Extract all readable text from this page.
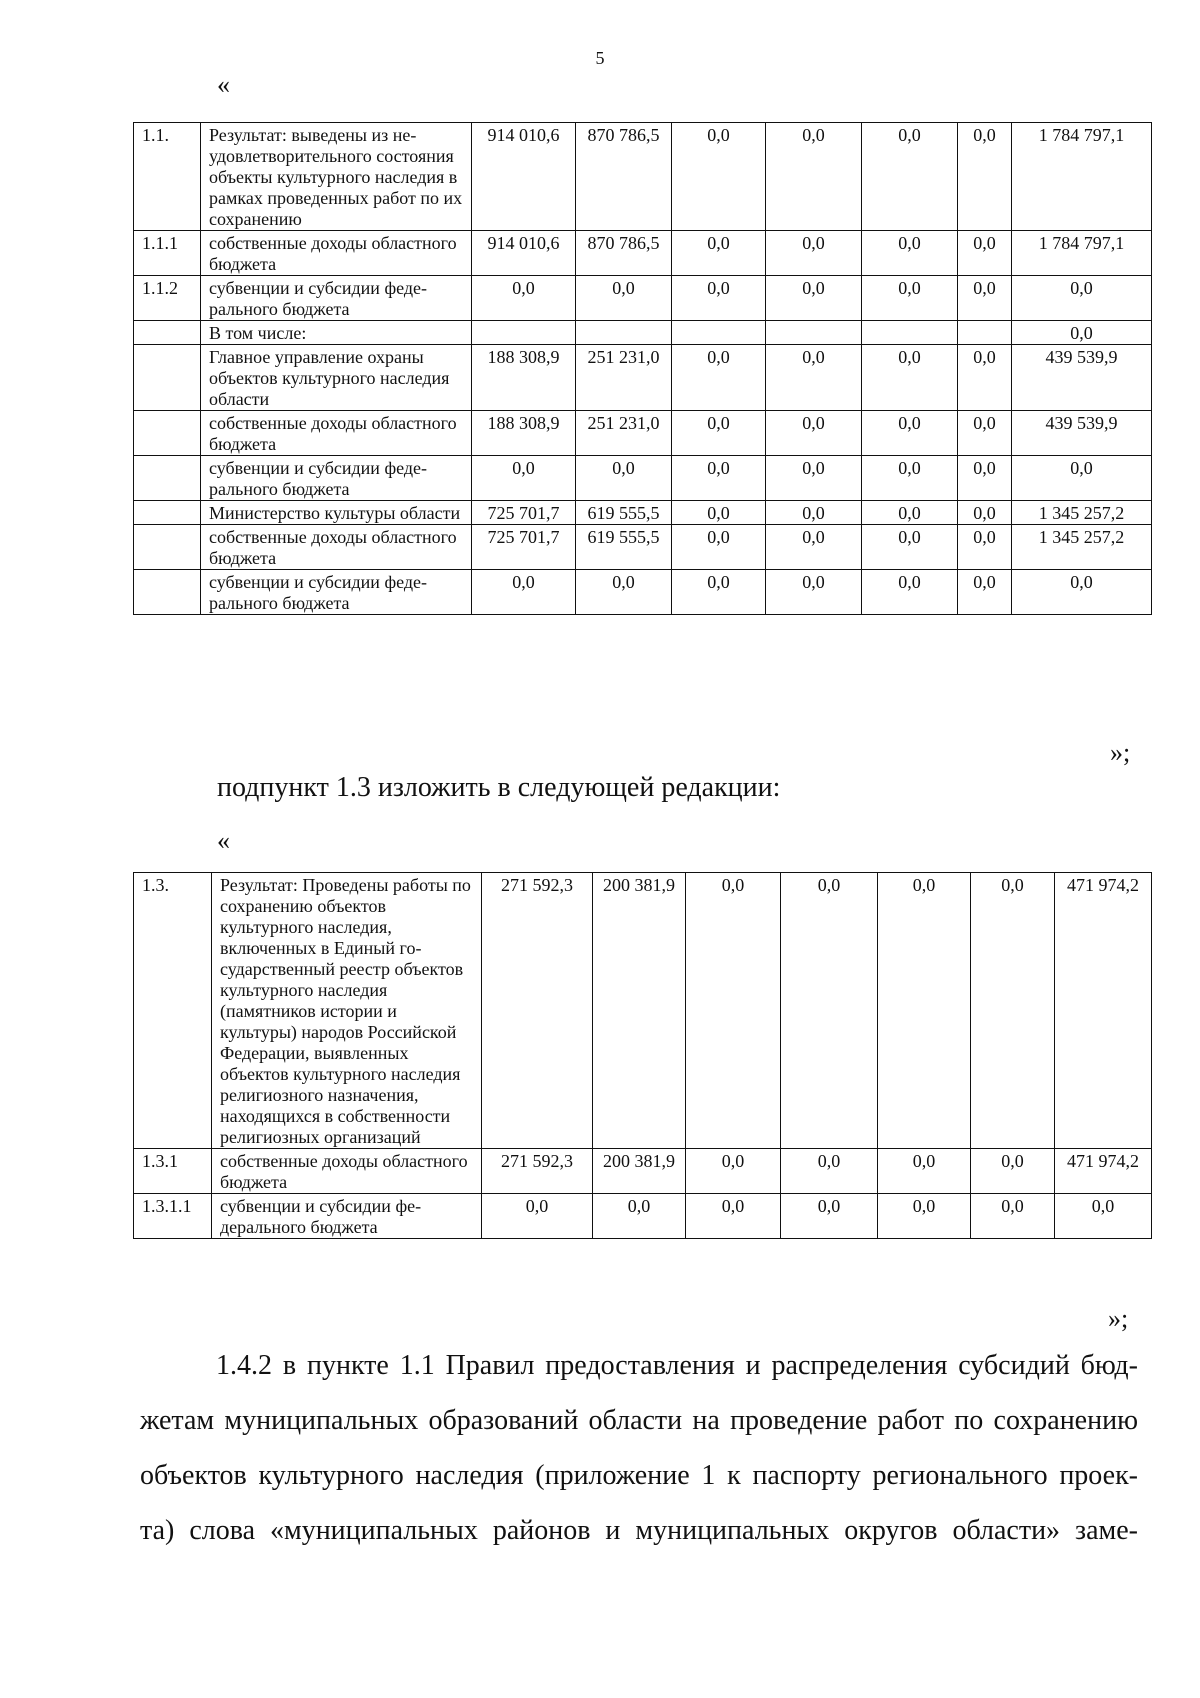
5
«
1.1.	Результат: выведены из неудовлетворительного состояния объекты культурного наследия в рамках проведенных работ по их сохранению	914 010,6	870 786,5	0,0	0,0	0,0	0,0	1 784 797,1
1.1.1	собственные доходы областного бюджета	914 010,6	870 786,5	0,0	0,0	0,0	0,0	1 784 797,1
1.1.2	субвенции и субсидии федерального бюджета	0,0	0,0	0,0	0,0	0,0	0,0	0,0
	В том числе:							0,0
	Главное управление охраны объектов культурного наследия области	188 308,9	251 231,0	0,0	0,0	0,0	0,0	439 539,9
	собственные доходы областного бюджета	188 308,9	251 231,0	0,0	0,0	0,0	0,0	439 539,9
	субвенции и субсидии федерального бюджета	0,0	0,0	0,0	0,0	0,0	0,0	0,0
	Министерство культуры области	725 701,7	619 555,5	0,0	0,0	0,0	0,0	1 345 257,2
	собственные доходы областного бюджета	725 701,7	619 555,5	0,0	0,0	0,0	0,0	1 345 257,2
	субвенции и субсидии федерального бюджета	0,0	0,0	0,0	0,0	0,0	0,0	0,0
»;
подпункт 1.3 изложить в следующей редакции:
«
1.3.	Результат: Проведены работы по сохранению объектов культурного наследия, включенных в Единый государственный реестр объектов культурного наследия (памятников истории и культуры) народов Российской Федерации, выявленных объектов культурного наследия религиозного назначения, находящихся в собственности религиозных организаций	271 592,3	200 381,9	0,0	0,0	0,0	0,0	471 974,2
1.3.1	собственные доходы областного бюджета	271 592,3	200 381,9	0,0	0,0	0,0	0,0	471 974,2
1.3.1.1	субвенции и субсидии федерального бюджета	0,0	0,0	0,0	0,0	0,0	0,0	0,0
»;
1.4.2 в пункте 1.1 Правил предоставления и распределения субсидий бюд-
жетам муниципальных образований области на проведение работ по сохранению
объектов культурного наследия (приложение 1 к паспорту регионального проек-
та) слова «муниципальных районов и муниципальных округов области» заме-
